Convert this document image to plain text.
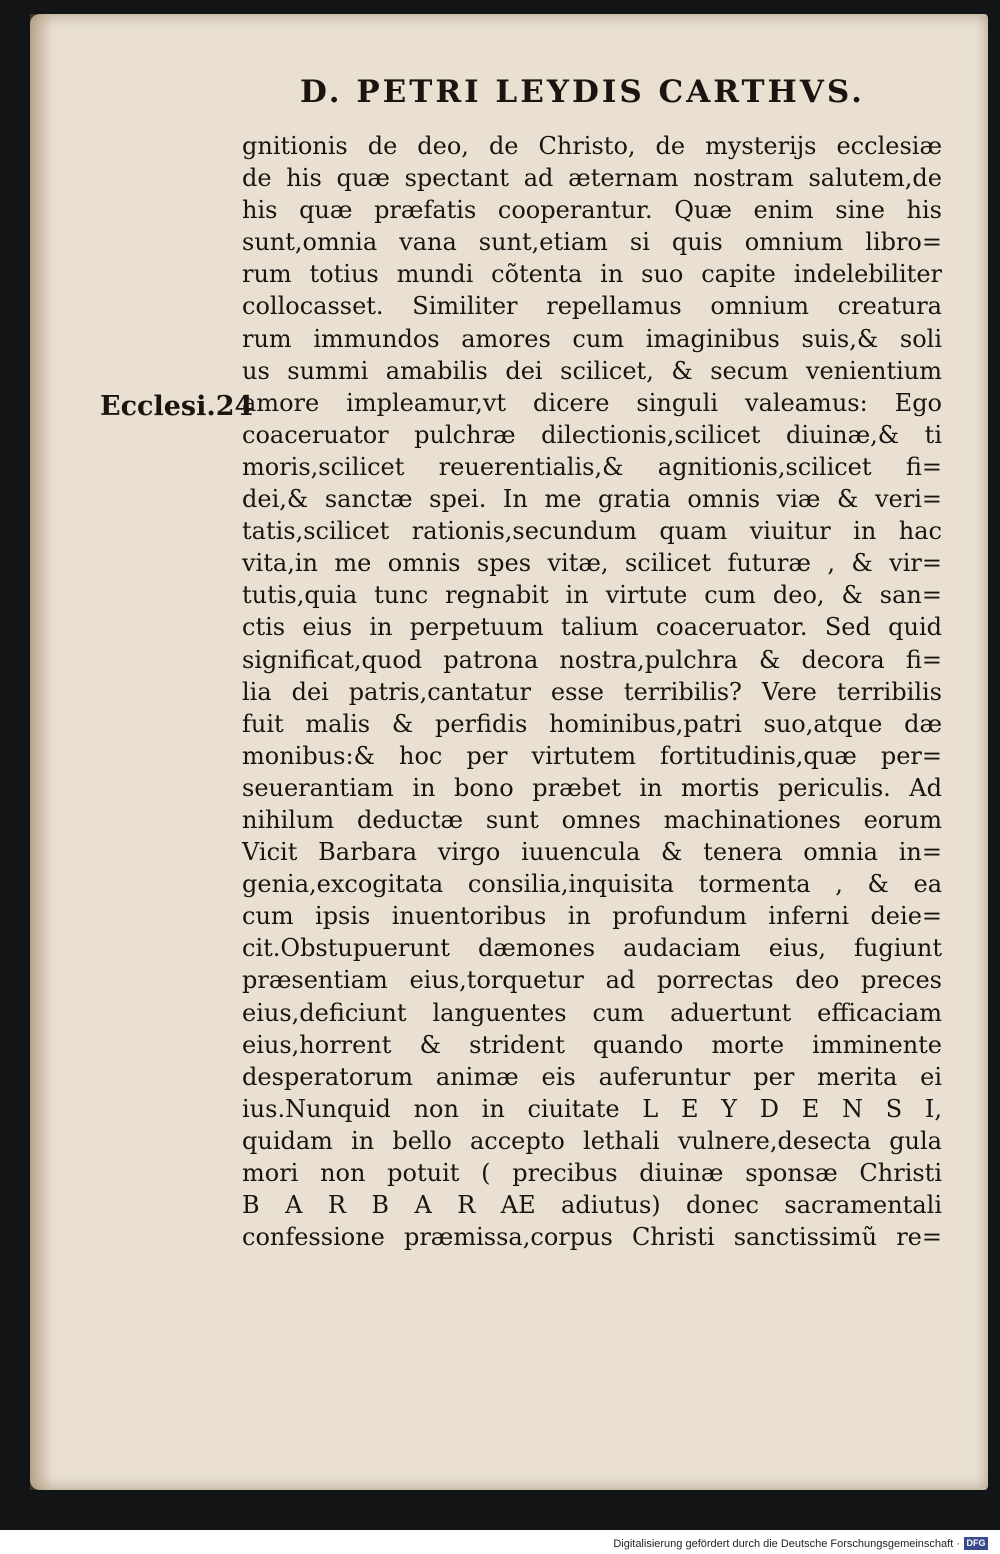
D. PETRI LEYDIS CARTHVS.
Ecclesi.24
gnitionis de deo, de Christo, de mysterijs ecclesiæ
de his quæ spectant ad æternam nostram salutem,de
his quæ præfatis cooperantur. Quæ enim sine his
sunt,omnia vana sunt,etiam si quis omnium libro=
rum totius mundi cõtenta in suo capite indelebiliter
collocasset. Similiter repellamus omnium creatura
rum immundos amores cum imaginibus suis,& soli
us summi amabilis dei scilicet, & secum venientium
amore impleamur,vt dicere singuli valeamus: Ego
coaceruator pulchræ dilectionis,scilicet diuinæ,& ti
moris,scilicet reuerentialis,& agnitionis,scilicet fi=
dei,& sanctæ spei. In me gratia omnis viæ & veri=
tatis,scilicet rationis,secundum quam viuitur in hac
vita,in me omnis spes vitæ, scilicet futuræ , & vir=
tutis,quia tunc regnabit in virtute cum deo, & san=
ctis eius in perpetuum talium coaceruator. Sed quid
significat,quod patrona nostra,pulchra & decora fi=
lia dei patris,cantatur esse terribilis? Vere terribilis
fuit malis & perfidis hominibus,patri suo,atque dæ
monibus:& hoc per virtutem fortitudinis,quæ per=
seuerantiam in bono præbet in mortis periculis. Ad
nihilum deductæ sunt omnes machinationes eorum
Vicit Barbara virgo iuuencula & tenera omnia in=
genia,excogitata consilia,inquisita tormenta , & ea
cum ipsis inuentoribus in profundum inferni deie=
cit.Obstupuerunt dæmones audaciam eius, fugiunt
præsentiam eius,torquetur ad porrectas deo preces
eius,deficiunt languentes cum aduertunt efficaciam
eius,horrent & strident quando morte imminente
desperatorum animæ eis auferuntur per merita ei
ius.Nunquid non in ciuitate L E Y D E N S I,
quidam in bello accepto lethali vulnere,desecta gula
mori non potuit ( precibus diuinæ sponsæ Christi
B A R B A R AE adiutus) donec sacramentali
confessione præmissa,corpus Christi sanctissimũ re=
Digitalisierung gefördert durch die Deutsche Forschungsgemeinschaft · DFG
